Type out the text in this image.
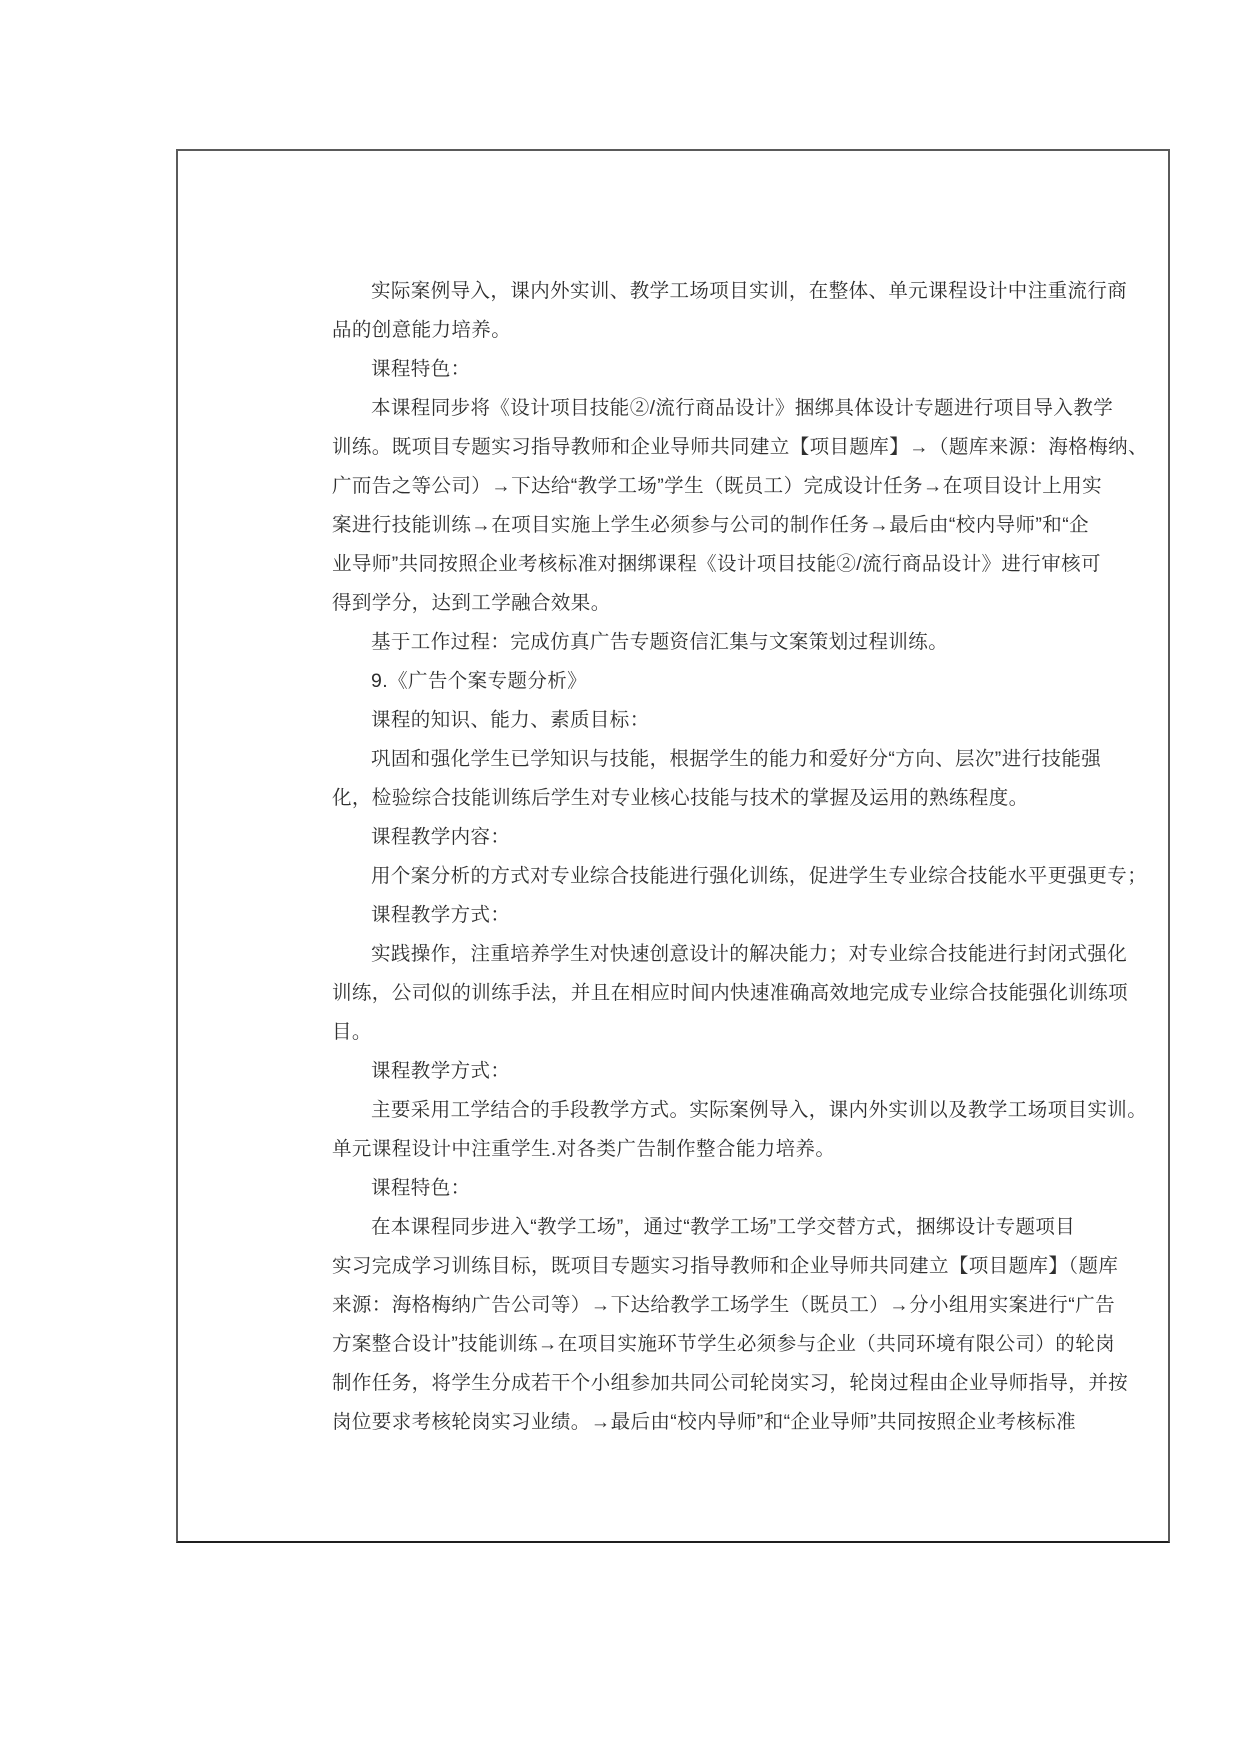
实际案例导入，课内外实训、教学工场项目实训，在整体、单元课程设计中注重流行商
品的创意能力培养。
课程特色：
本课程同步将《设计项目技能②/流行商品设计》捆绑具体设计专题进行项目导入教学
训练。既项目专题实习指导教师和企业导师共同建立【项目题库】→（题库来源：海格梅纳、
广而告之等公司）→下达给“教学工场”学生（既员工）完成设计任务→在项目设计上用实
案进行技能训练→在项目实施上学生必须参与公司的制作任务→最后由“校内导师”和“企
业导师”共同按照企业考核标准对捆绑课程《设计项目技能②/流行商品设计》进行审核可
得到学分，达到工学融合效果。
基于工作过程：完成仿真广告专题资信汇集与文案策划过程训练。
9.《广告个案专题分析》
课程的知识、能力、素质目标：
巩固和强化学生已学知识与技能，根据学生的能力和爱好分“方向、层次”进行技能强
化，检验综合技能训练后学生对专业核心技能与技术的掌握及运用的熟练程度。
课程教学内容：
用个案分析的方式对专业综合技能进行强化训练，促进学生专业综合技能水平更强更专；
课程教学方式：
实践操作，注重培养学生对快速创意设计的解决能力；对专业综合技能进行封闭式强化
训练，公司似的训练手法，并且在相应时间内快速准确高效地完成专业综合技能强化训练项
目。
课程教学方式：
主要采用工学结合的手段教学方式。实际案例导入，课内外实训以及教学工场项目实训。
单元课程设计中注重学生.对各类广告制作整合能力培养。
课程特色：
在本课程同步进入“教学工场”，通过“教学工场”工学交替方式，捆绑设计专题项目
实习完成学习训练目标，既项目专题实习指导教师和企业导师共同建立【项目题库】（题库
来源：海格梅纳广告公司等）→下达给教学工场学生（既员工）→分小组用实案进行“广告
方案整合设计”技能训练→在项目实施环节学生必须参与企业（共同环境有限公司）的轮岗
制作任务，将学生分成若干个小组参加共同公司轮岗实习，轮岗过程由企业导师指导，并按
岗位要求考核轮岗实习业绩。→最后由“校内导师”和“企业导师”共同按照企业考核标准
